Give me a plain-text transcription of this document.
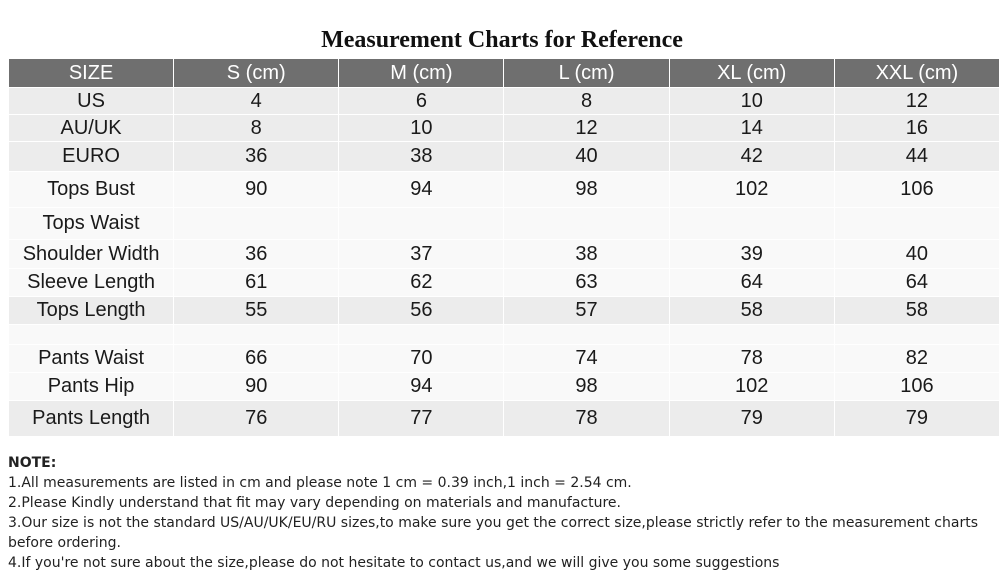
Measurement Charts for Reference
SIZE	S (cm)	M (cm)	L (cm)	XL (cm)	XXL (cm)
US	4	6	8	10	12
AU/UK	8	10	12	14	16
EURO	36	38	40	42	44
Tops Bust	90	94	98	102	106
Tops Waist					
Shoulder Width	36	37	38	39	40
Sleeve Length	61	62	63	64	64
Tops Length	55	56	57	58	58

Pants Waist	66	70	74	78	82
Pants Hip	90	94	98	102	106
Pants Length	76	77	78	79	79

NOTE:

1.All measurements are listed in cm and please note 1 cm = 0.39 inch,1 inch = 2.54 cm.

2.Please Kindly understand that fit may vary depending on materials and manufacture.

3.Our size is not the standard US/AU/UK/EU/RU sizes,to make sure you get the correct size,please strictly refer to the measurement charts before ordering.

4.If you're not sure about the size,please do not hesitate to contact us,and we will give you some suggestions
